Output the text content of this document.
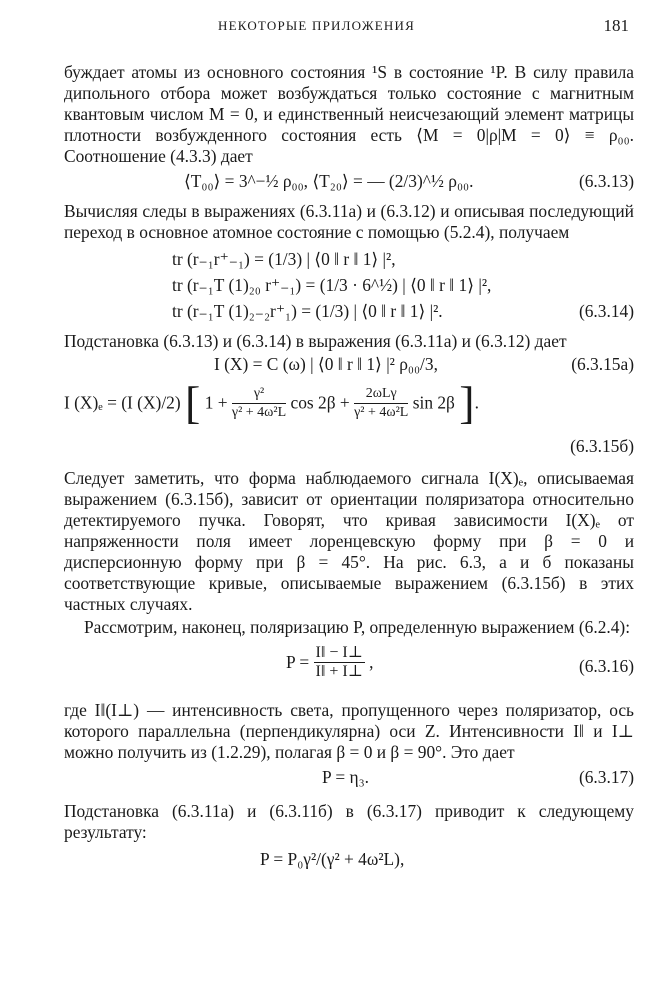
НЕКОТОРЫЕ ПРИЛОЖЕНИЯ	181

буждает атомы из основного состояния ¹S в состояние ¹P. В силу правила дипольного отбора может возбуждаться только состояние с магнитным квантовым числом M = 0, и единственный неисчезающий элемент матрицы плотности возбужденного состояния есть ⟨M = 0|ρ|M = 0⟩ ≡ ρ₀₀. Соотношение (4.3.3) дает

⟨T₀₀⟩ = 3^−½ ρ₀₀, ⟨T₂₀⟩ = — (2/3)^½ ρ₀₀.	(6.3.13)

Вычисляя следы в выражениях (6.3.11а) и (6.3.12) и описывая последующий переход в основное атомное состояние с помощью (5.2.4), получаем

tr (r₋₁r⁺₋₁) = (1/3) | ⟨0 ‖ r ‖ 1⟩ |²,
tr (r₋₁T (1)₂₀ r⁺₋₁) = (1/3 · 6^½) | ⟨0 ‖ r ‖ 1⟩ |²,
tr (r₋₁T (1)₂₋₂r⁺₁) = (1/3) | ⟨0 ‖ r ‖ 1⟩ |².	(6.3.14)

Подстановка (6.3.13) и (6.3.14) в выражения (6.3.11а) и (6.3.12) дает

I (X) = C (ω) | ⟨0 ‖ r ‖ 1⟩ |² ρ₀₀/3,	(6.3.15а)
I (X)ₑ = (I (X)/2) [ $1 + \frac{\text{γ²}}{\text{γ² + 4ω²L}}$ $\cos 2\beta + \frac{\text{2ωLγ}}{\text{γ² + 4ω²L}}$ sin 2β ].
(6.3.15б)

Следует заметить, что форма наблюдаемого сигнала I(X)ₑ, описываемая выражением (6.3.15б), зависит от ориентации поляризатора относительно детектируемого пучка. Говорят, что кривая зависимости I(X)ₑ от напряженности поля имеет лоренцевскую форму при β = 0 и дисперсионную форму при β = 45°. На рис. 6.3, а и б показаны соответствующие кривые, описываемые выражением (6.3.15б) в этих частных случаях.

Рассмотрим, наконец, поляризацию P, определенную выражением (6.2.4):

$P = \frac{I‖ - I\perp}{I‖ + I\perp}$ ,	(6.3.16)

где I‖(I⊥) — интенсивность света, пропущенного через поляризатор, ось которого параллельна (перпендикулярна) оси Z. Интенсивности I‖ и I⊥ можно получить из (1.2.29), полагая β = 0 и β = 90°. Это дает

P = η₃.	(6.3.17)

Подстановка (6.3.11а) и (6.3.11б) в (6.3.17) приводит к следующему результату:

P = P₀γ²/(γ² + 4ω²L),
